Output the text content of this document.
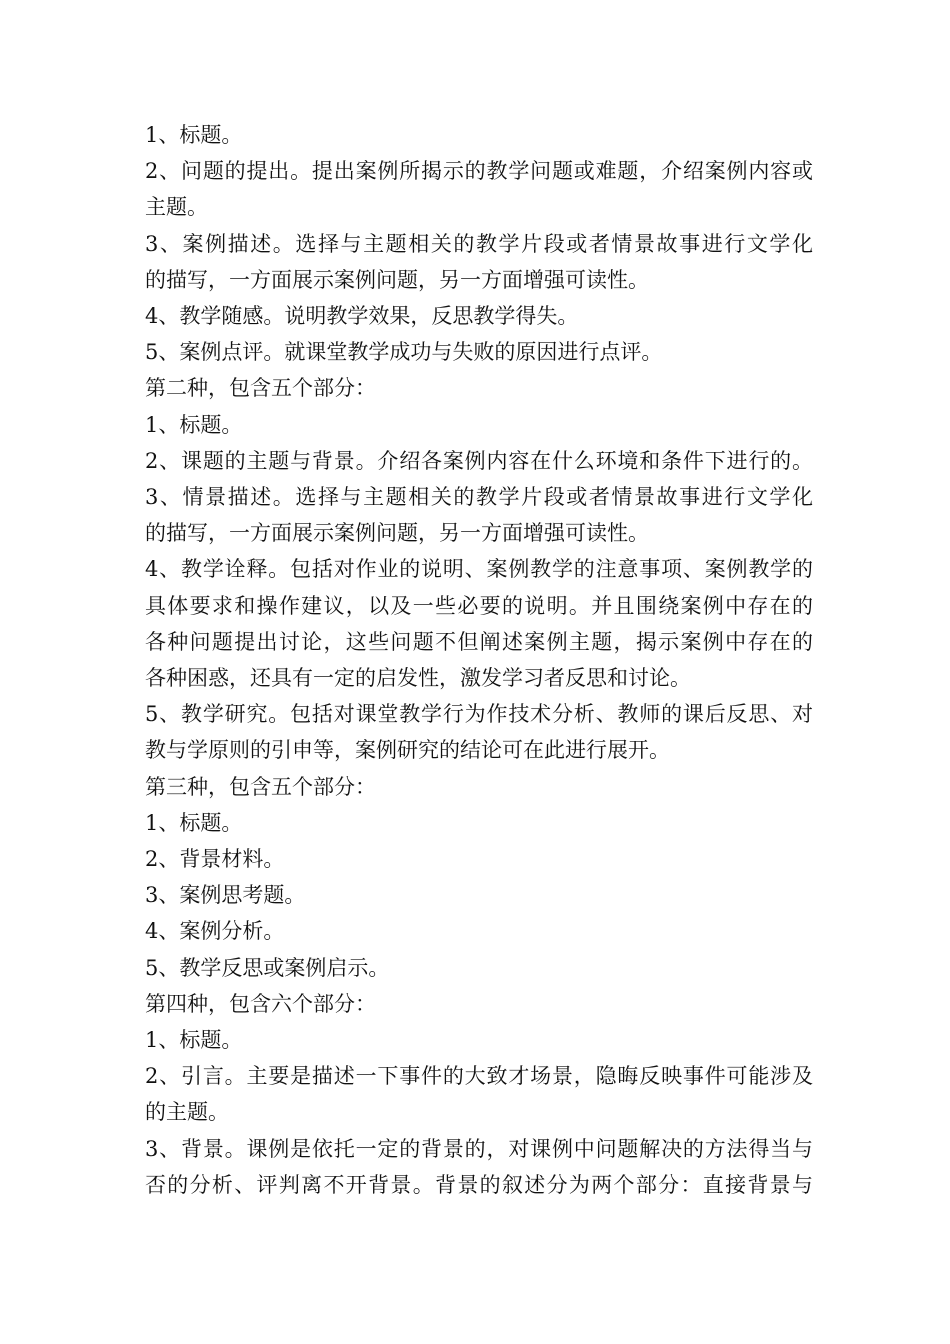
1、标题。
2、问题的提出。提出案例所揭示的教学问题或难题，介绍案例内容或
主题。
3、案例描述。选择与主题相关的教学片段或者情景故事进行文学化
的描写，一方面展示案例问题，另一方面增强可读性。
4、教学随感。说明教学效果，反思教学得失。
5、案例点评。就课堂教学成功与失败的原因进行点评。
第二种，包含五个部分：
1、标题。
2、课题的主题与背景。介绍各案例内容在什么环境和条件下进行的。
3、情景描述。选择与主题相关的教学片段或者情景故事进行文学化
的描写，一方面展示案例问题，另一方面增强可读性。
4、教学诠释。包括对作业的说明、案例教学的注意事项、案例教学的
具体要求和操作建议，以及一些必要的说明。并且围绕案例中存在的
各种问题提出讨论，这些问题不但阐述案例主题，揭示案例中存在的
各种困惑，还具有一定的启发性，激发学习者反思和讨论。
5、教学研究。包括对课堂教学行为作技术分析、教师的课后反思、对
教与学原则的引申等，案例研究的结论可在此进行展开。
第三种，包含五个部分：
1、标题。
2、背景材料。
3、案例思考题。
4、案例分析。
5、教学反思或案例启示。
第四种，包含六个部分：
1、标题。
2、引言。主要是描述一下事件的大致才场景，隐晦反映事件可能涉及
的主题。
3、背景。课例是依托一定的背景的，对课例中问题解决的方法得当与
否的分析、评判离不开背景。背景的叙述分为两个部分：直接背景与
